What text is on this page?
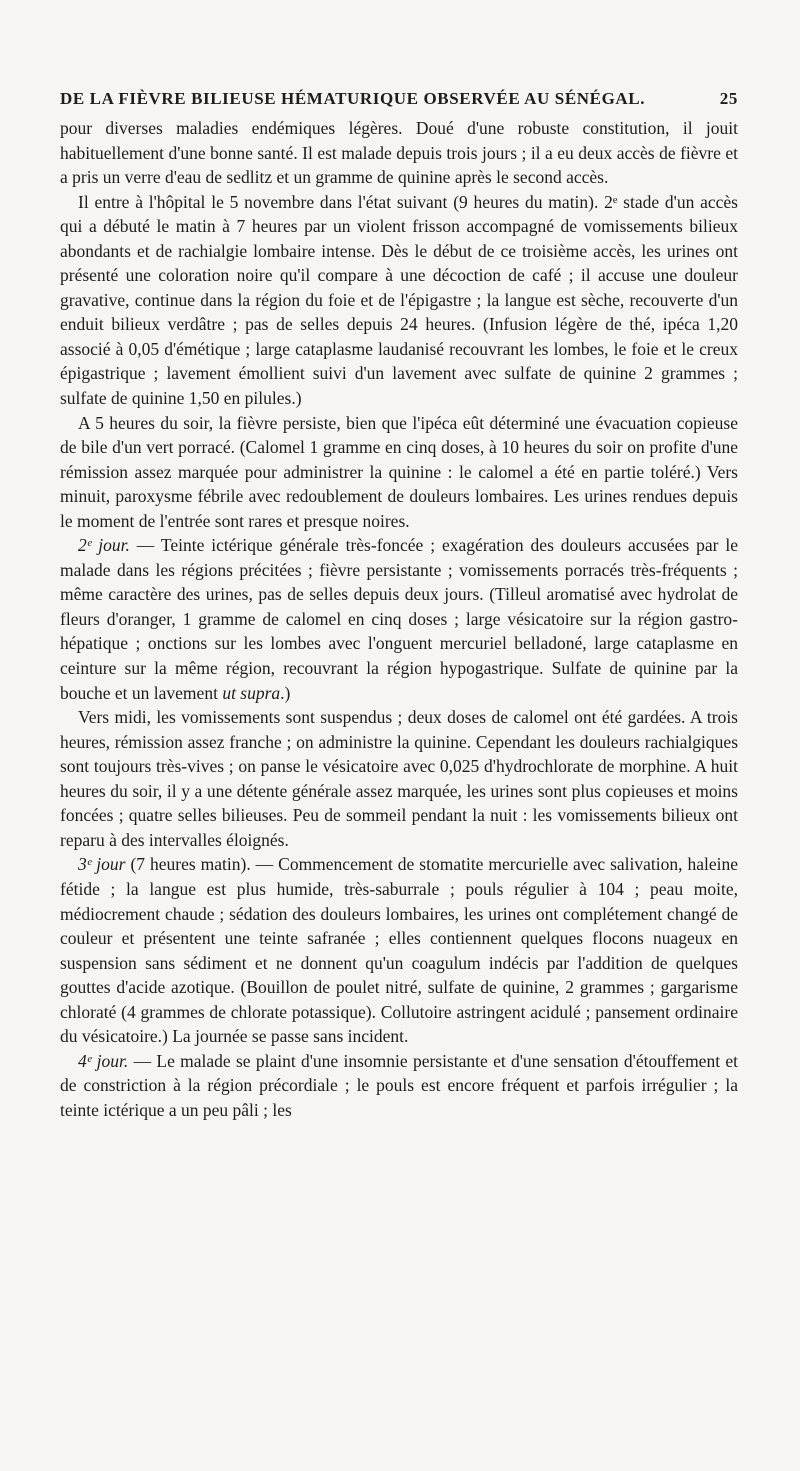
DE LA FIÈVRE BILIEUSE HÉMATURIQUE OBSERVÉE AU SÉNÉGAL.	25

pour diverses maladies endémiques légères. Doué d'une robuste constitution, il jouit habituellement d'une bonne santé. Il est malade depuis trois jours ; il a eu deux accès de fièvre et a pris un verre d'eau de sedlitz et un gramme de quinine après le second accès.

Il entre à l'hôpital le 5 novembre dans l'état suivant (9 heures du matin). 2ᵉ stade d'un accès qui a débuté le matin à 7 heures par un violent frisson accompagné de vomissements bilieux abondants et de rachialgie lombaire intense. Dès le début de ce troisième accès, les urines ont présenté une coloration noire qu'il compare à une décoction de café ; il accuse une douleur gravative, continue dans la région du foie et de l'épigastre ; la langue est sèche, recouverte d'un enduit bilieux verdâtre ; pas de selles depuis 24 heures. (Infusion légère de thé, ipéca 1,20 associé à 0,05 d'émétique ; large cataplasme laudanisé recouvrant les lombes, le foie et le creux épigastrique ; lavement émollient suivi d'un lavement avec sulfate de quinine 2 grammes ; sulfate de quinine 1,50 en pilules.)

A 5 heures du soir, la fièvre persiste, bien que l'ipéca eût déterminé une évacuation copieuse de bile d'un vert porracé. (Calomel 1 gramme en cinq doses, à 10 heures du soir on profite d'une rémission assez marquée pour administrer la quinine : le calomel a été en partie toléré.) Vers minuit, paroxysme fébrile avec redoublement de douleurs lombaires. Les urines rendues depuis le moment de l'entrée sont rares et presque noires.

2ᵉ jour. — Teinte ictérique générale très-foncée ; exagération des douleurs accusées par le malade dans les régions précitées ; fièvre persistante ; vomissements porracés très-fréquents ; même caractère des urines, pas de selles depuis deux jours. (Tilleul aromatisé avec hydrolat de fleurs d'oranger, 1 gramme de calomel en cinq doses ; large vésicatoire sur la région gastro-hépatique ; onctions sur les lombes avec l'onguent mercuriel belladoné, large cataplasme en ceinture sur la même région, recouvrant la région hypogastrique. Sulfate de quinine par la bouche et un lavement ut supra.)

Vers midi, les vomissements sont suspendus ; deux doses de calomel ont été gardées. A trois heures, rémission assez franche ; on administre la quinine. Cependant les douleurs rachialgiques sont toujours très-vives ; on panse le vésicatoire avec 0,025 d'hydrochlorate de morphine. A huit heures du soir, il y a une détente générale assez marquée, les urines sont plus copieuses et moins foncées ; quatre selles bilieuses. Peu de sommeil pendant la nuit : les vomissements bilieux ont reparu à des intervalles éloignés.

3ᵉ jour (7 heures matin). — Commencement de stomatite mercurielle avec salivation, haleine fétide ; la langue est plus humide, très-saburrale ; pouls régulier à 104 ; peau moite, médiocrement chaude ; sédation des douleurs lombaires, les urines ont complétement changé de couleur et présentent une teinte safranée ; elles contiennent quelques flocons nuageux en suspension sans sédiment et ne donnent qu'un coagulum indécis par l'addition de quelques gouttes d'acide azotique. (Bouillon de poulet nitré, sulfate de quinine, 2 grammes ; gargarisme chloraté (4 grammes de chlorate potassique). Collutoire astringent acidulé ; pansement ordinaire du vésicatoire.) La journée se passe sans incident.

4ᵉ jour. — Le malade se plaint d'une insomnie persistante et d'une sensation d'étouffement et de constriction à la région précordiale ; le pouls est encore fréquent et parfois irrégulier ; la teinte ictérique a un peu pâli ; les
